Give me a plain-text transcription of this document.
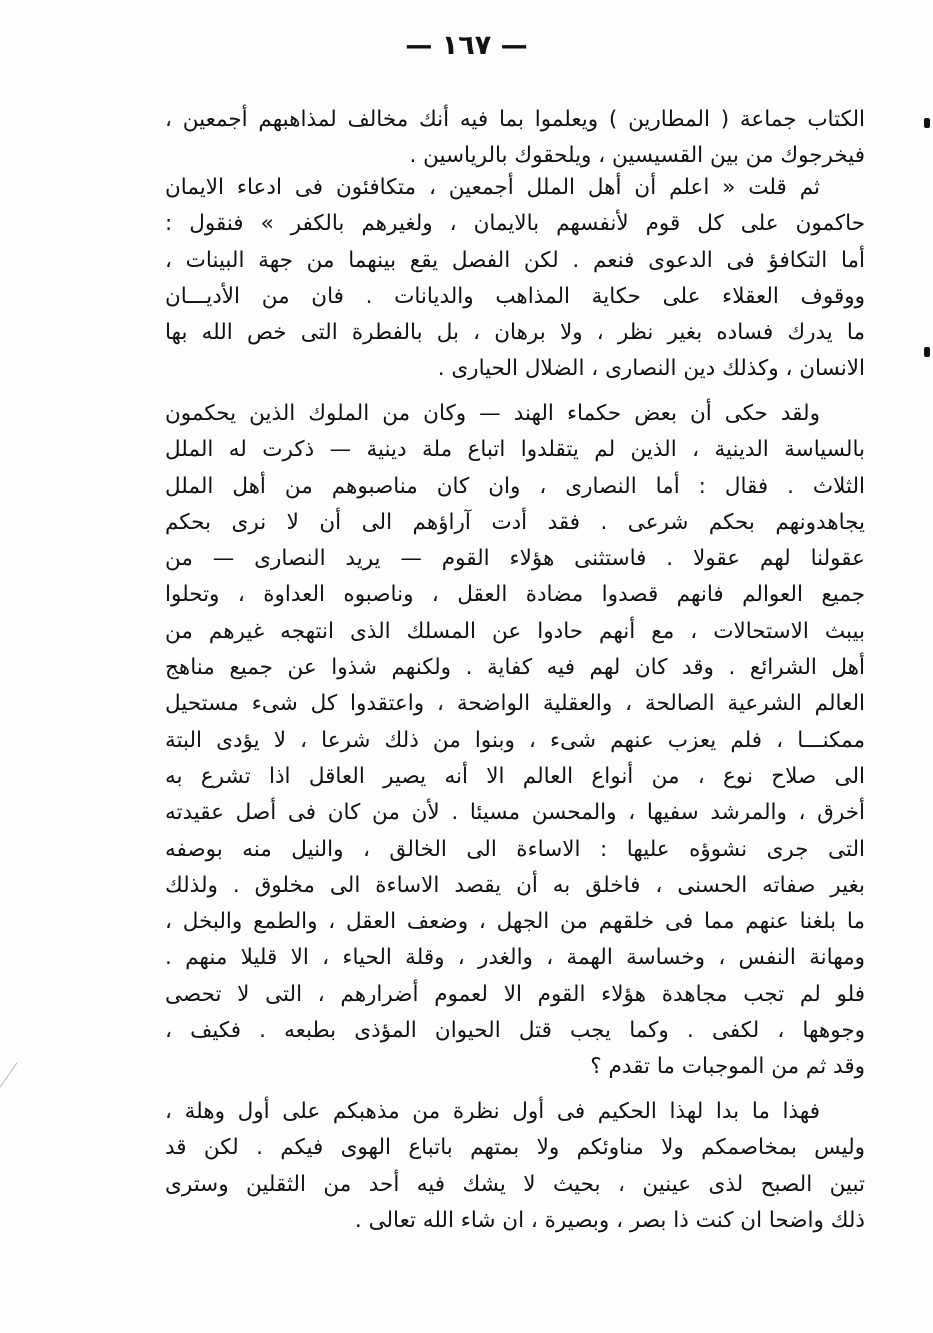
— ١٦٧ —
الكتاب جماعة ( المطارين ) ويعلموا بما فيه أنك مخالف لمذاهبهم أجمعين ،
فيخرجوك من بين القسيسين ، ويلحقوك بالرياسين .
ثم قلت « اعلم أن أهل الملل أجمعين ، متكافئون فى ادعاء الايمان
حاكمون على كل قوم لأنفسهم بالايمان ، ولغيرهم بالكفر » فنقول :
أما التكافؤ فى الدعوى فنعم . لكن الفصل يقع بينهما من جهة البينات ،
ووقوف العقلاء على حكاية المذاهب والديانات . فان من الأديـــان
ما يدرك فساده بغير نظر ، ولا برهان ، بل بالفطرة التى خص الله بها
الانسان ، وكذلك دين النصارى ، الضلال الحيارى .
ولقد حكى أن بعض حكماء الهند — وكان من الملوك الذين يحكمون
بالسياسة الدينية ، الذين لم يتقلدوا اتباع ملة دينية — ذكرت له الملل
الثلاث . فقال : أما النصارى ، وان كان مناصبوهم من أهل الملل
يجاهدونهم بحكم شرعى . فقد أدت آراؤهم الى أن لا نرى بحكم
عقولنا لهم عقولا . فاستثنى هؤلاء القوم — يريد النصارى — من
جميع العوالم فانهم قصدوا مضادة العقل ، وناصبوه العداوة ، وتحلوا
بيبث الاستحالات ، مع أنهم حادوا عن المسلك الذى انتهجه غيرهم من
أهل الشرائع . وقد كان لهم فيه كفاية . ولكنهم شذوا عن جميع مناهج
العالم الشرعية الصالحة ، والعقلية الواضحة ، واعتقدوا كل شىء مستحيل
ممكنـــا ، فلم يعزب عنهم شىء ، وبنوا من ذلك شرعا ، لا يؤدى البتة
الى صلاح نوع ، من أنواع العالم الا أنه يصير العاقل اذا تشرع به
أخرق ، والمرشد سفيها ، والمحسن مسيئا . لأن من كان فى أصل عقيدته
التى جرى نشوؤه عليها : الاساءة الى الخالق ، والنيل منه بوصفه
بغير صفاته الحسنى ، فاخلق به أن يقصد الاساءة الى مخلوق . ولذلك
ما بلغنا عنهم مما فى خلقهم من الجهل ، وضعف العقل ، والطمع والبخل ،
ومهانة النفس ، وخساسة الهمة ، والغدر ، وقلة الحياء ، الا قليلا منهم .
فلو لم تجب مجاهدة هؤلاء القوم الا لعموم أضرارهم ، التى لا تحصى
وجوهها ، لكفى . وكما يجب قتل الحيوان المؤذى بطبعه . فكيف ،
وقد ثم من الموجبات ما تقدم ؟
فهذا ما بدا لهذا الحكيم فى أول نظرة من مذهبكم على أول وهلة ،
وليس بمخاصمكم ولا مناوئكم ولا بمتهم باتباع الهوى فيكم . لكن قد
تبين الصبح لذى عينين ، بحيث لا يشك فيه أحد من الثقلين وسترى
ذلك واضحا ان كنت ذا بصر ، وبصيرة ، ان شاء الله تعالى .
